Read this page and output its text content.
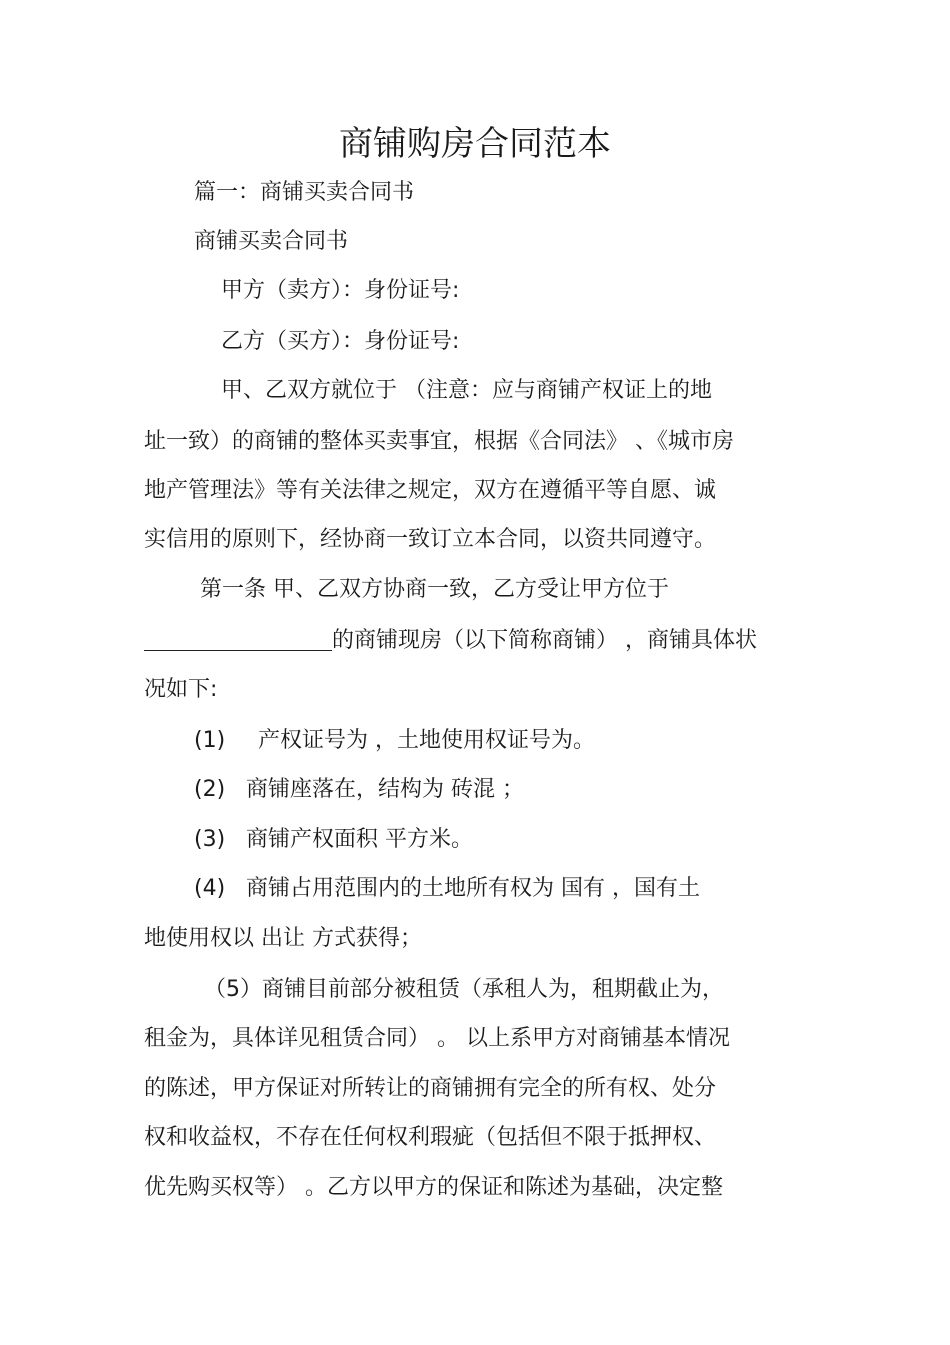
商铺购房合同范本
篇一：商铺买卖合同书
商铺买卖合同书
甲方（卖方）：身份证号:
乙方（买方）：身份证号:
甲、乙双方就位于 （注意：应与商铺产权证上的地
址一致）的商铺的整体买卖事宜，根据《合同法》 、《城市房
地产管理法》等有关法律之规定，双方在遵循平等自愿、诚
实信用的原则下，经协商一致订立本合同，以资共同遵守。
第一条 甲、乙双方协商一致，乙方受让甲方位于
的商铺现房（以下简称商铺） ，商铺具体状
况如下:
(1) 产权证号为 ，土地使用权证号为。
(2) 商铺座落在，结构为 砖混 ；
(3) 商铺产权面积 平方米。
(4) 商铺占用范围内的土地所有权为 国有 ，国有土
地使用权以 出让 方式获得；
（5）商铺目前部分被租赁（承租人为，租期截止为，
租金为，具体详见租赁合同） 。 以上系甲方对商铺基本情况
的陈述，甲方保证对所转让的商铺拥有完全的所有权、处分
权和收益权，不存在任何权利瑕疵（包括但不限于抵押权、
优先购买权等） 。乙方以甲方的保证和陈述为基础，决定整
